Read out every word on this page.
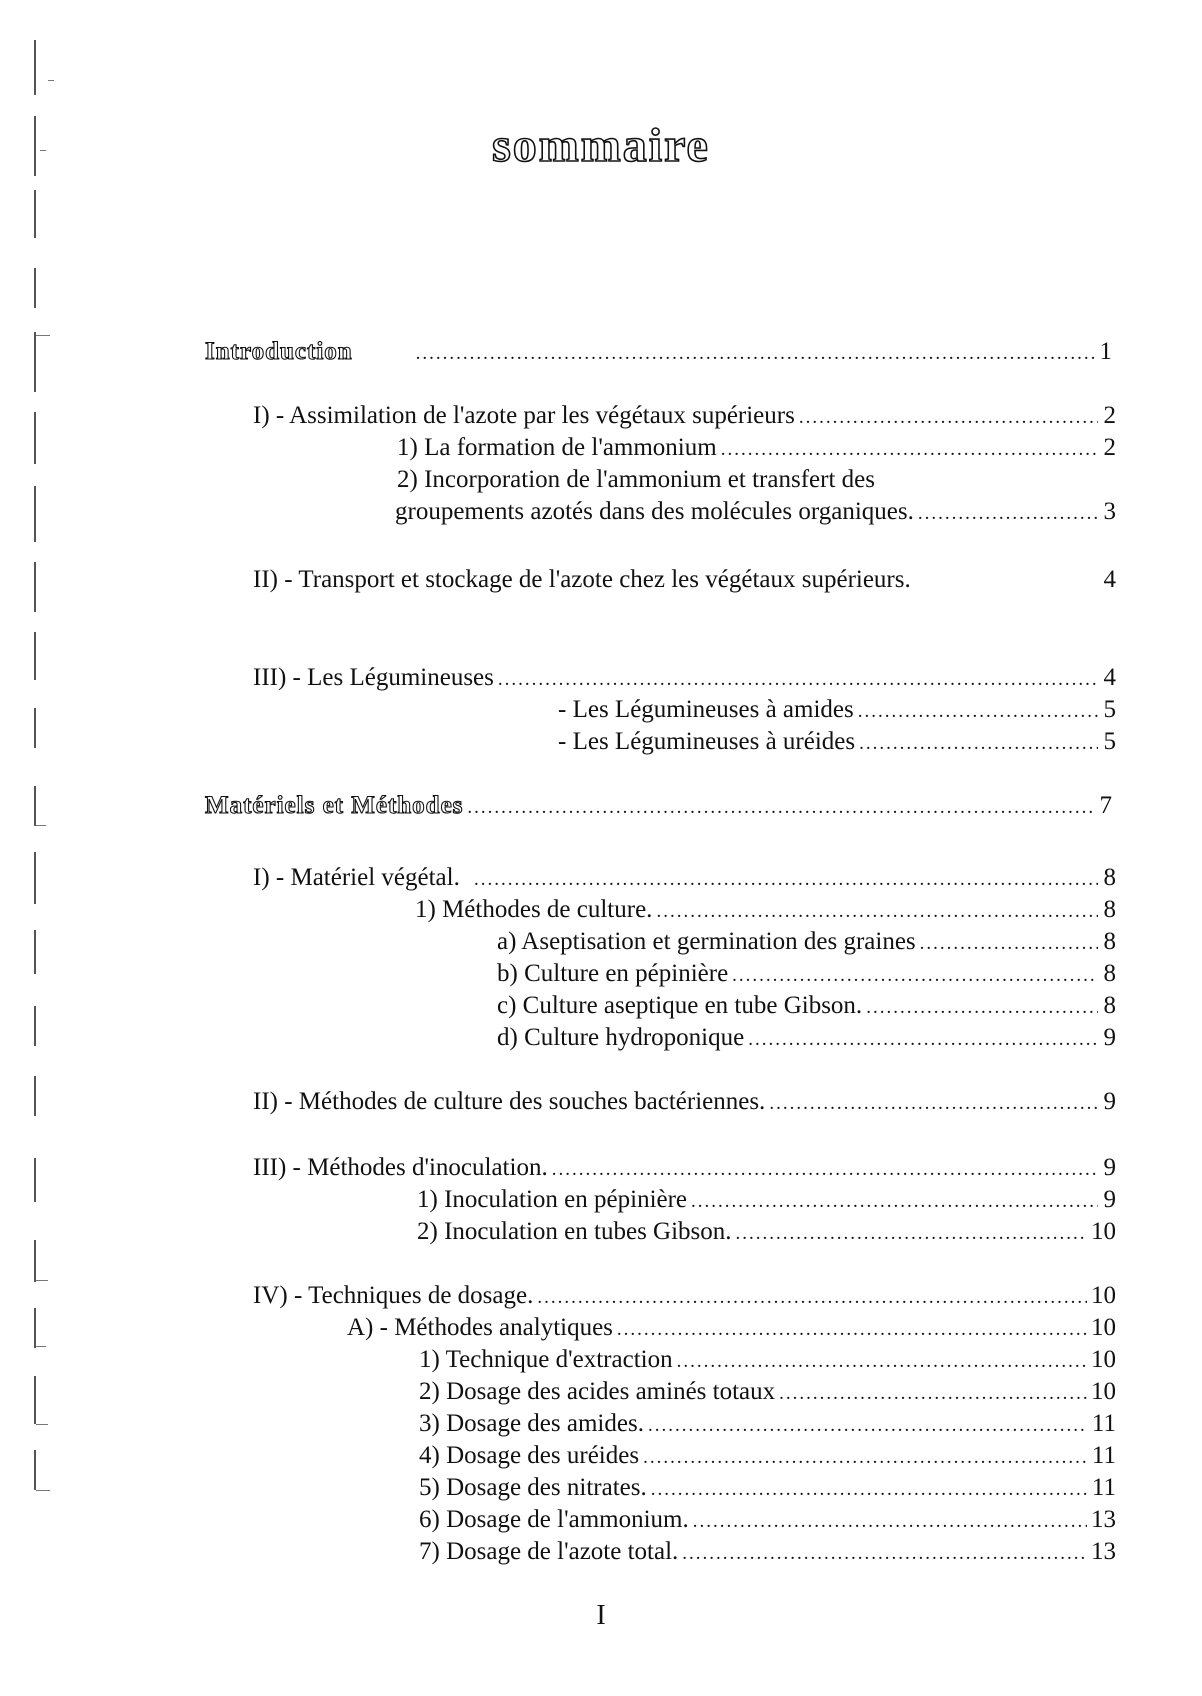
sommaire
Introduction .....	1
I) - Assimilation de l'azote par les végétaux supérieurs .....	2
1) La formation de l'ammonium .....	2
2) Incorporation de l'ammonium et transfert des
groupements azotés dans des molécules organiques. .....	3
II) - Transport et stockage de l'azote chez les végétaux supérieurs.	4
III) - Les Légumineuses .....	4
- Les Légumineuses à amides .....	5
- Les Légumineuses à uréides .....	5
Matériels et Méthodes .....	7
I) - Matériel végétal. .....	8
1) Méthodes de culture. .....	8
a) Aseptisation et germination des graines .....	8
b) Culture en pépinière .....	8
c) Culture aseptique en tube Gibson. .....	8
d) Culture hydroponique .....	9
II) - Méthodes de culture des souches bactériennes. .....	9
III) - Méthodes d'inoculation. .....	9
1) Inoculation en pépinière .....	9
2) Inoculation en tubes Gibson. .....	10
IV) - Techniques de dosage. .....	10
A) - Méthodes analytiques .....	10
1) Technique d'extraction .....	10
2) Dosage des acides aminés totaux .....	10
3) Dosage des amides. .....	11
4) Dosage des uréides .....	11
5) Dosage des nitrates. .....	11
6) Dosage de l'ammonium. .....	13
7) Dosage de l'azote total. .....	13
I
